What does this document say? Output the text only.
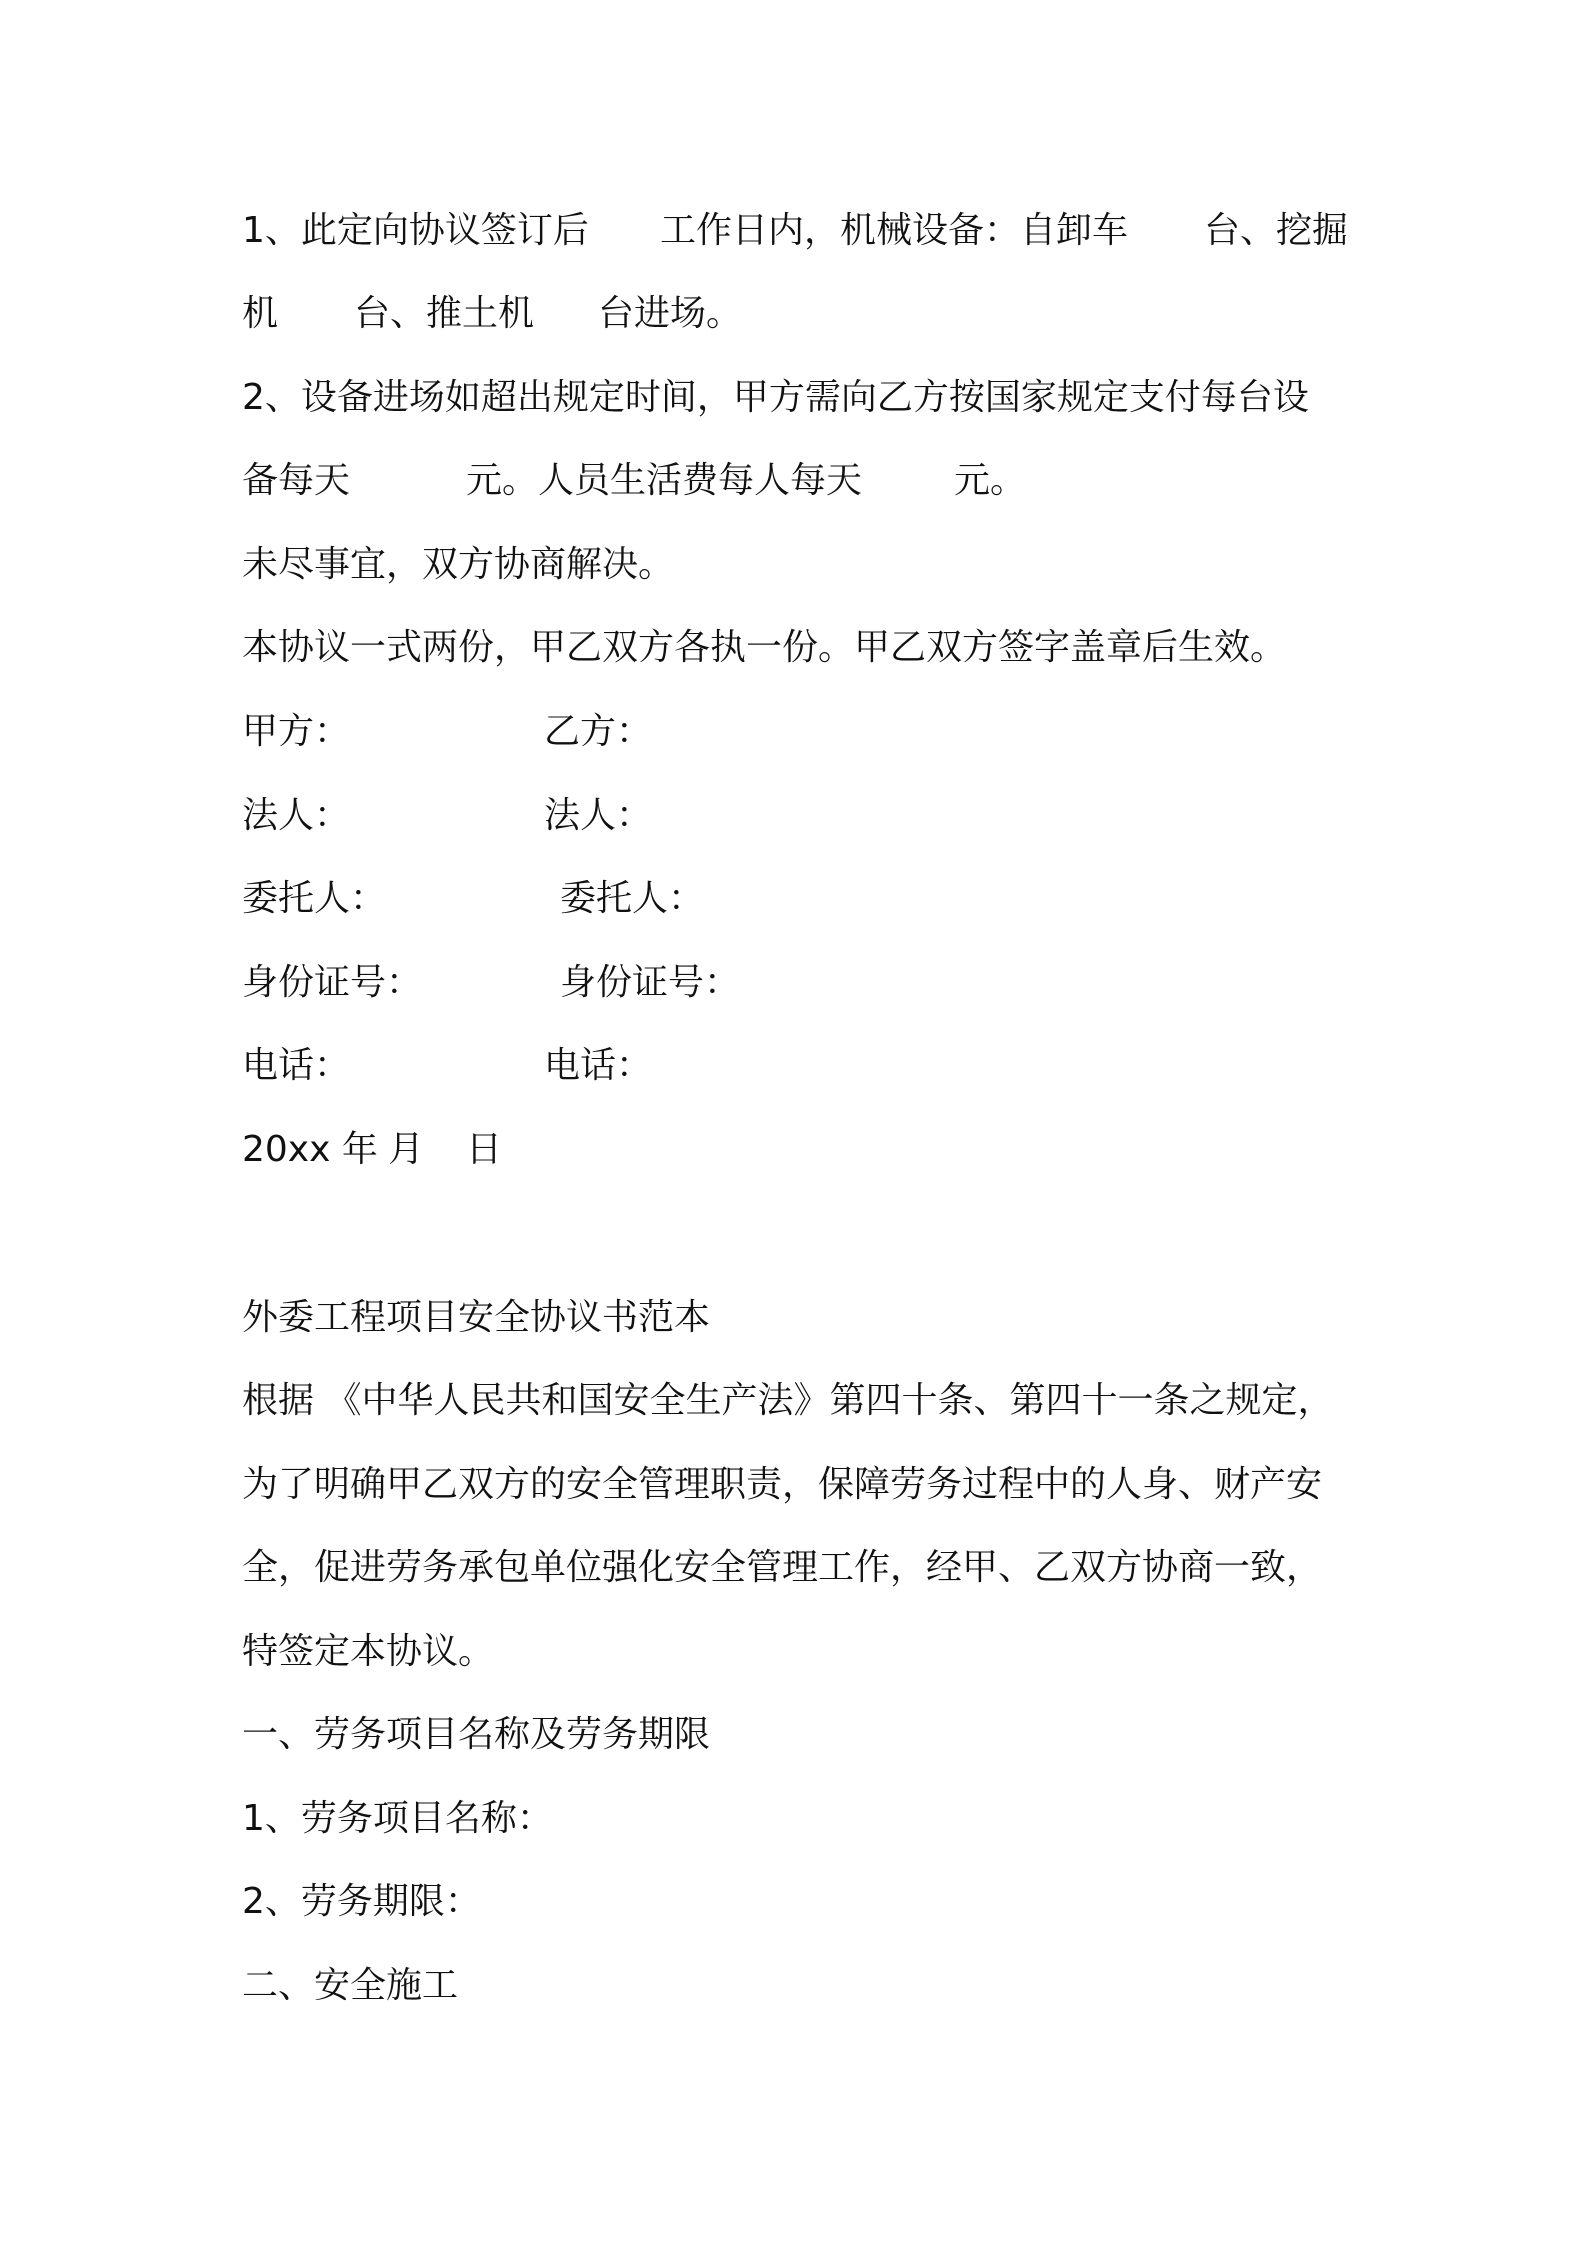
1、此定向协议签订后 工作日内，机械设备：自卸车 台、挖掘
机 台、推土机 台进场。
2、设备进场如超出规定时间，甲方需向乙方按国家规定支付每台设
备每天	元。人员生活费每人每天	元。
未尽事宜，双方协商解决。
本协议一式两份，甲乙双方各执一份。甲乙双方签字盖章后生效。
甲方：	乙方：
法人：	法人：
委托人：	委托人：
身份证号：	身份证号：
电话：	电话：
20xx 年 月 日
外委工程项目安全协议书范本
根据 《中华人民共和国安全生产法》第四十条、第四十一条之规定，
为了明确甲乙双方的安全管理职责，保障劳务过程中的人身、财产安
全，促进劳务承包单位强化安全管理工作，经甲、乙双方协商一致，
特签定本协议。
一、劳务项目名称及劳务期限
1、劳务项目名称：
2、劳务期限：
二、安全施工
